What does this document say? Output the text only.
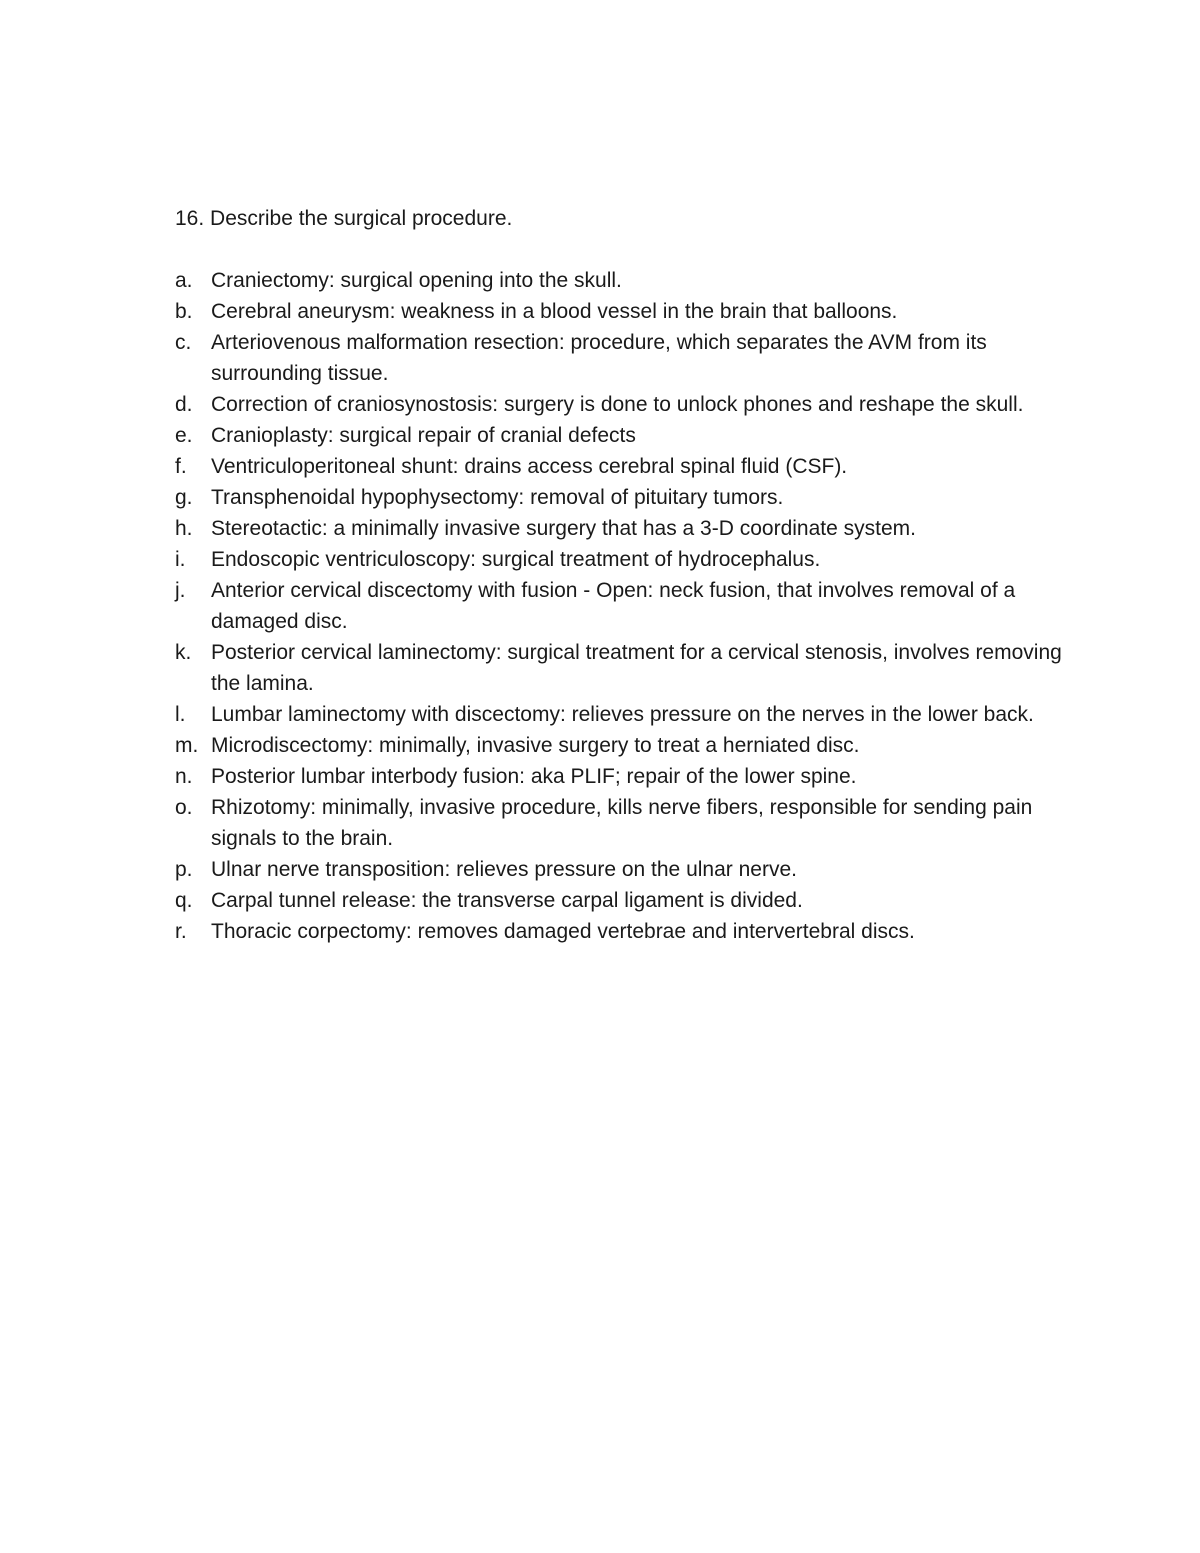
16. Describe the surgical procedure.

a. Craniectomy: surgical opening into the skull.
b. Cerebral aneurysm: weakness in a blood vessel in the brain that balloons.
c. Arteriovenous malformation resection: procedure, which separates the AVM from its surrounding tissue.
d. Correction of craniosynostosis: surgery is done to unlock phones and reshape the skull.
e. Cranioplasty: surgical repair of cranial defects
f.	Ventriculoperitoneal shunt: drains access cerebral spinal fluid (CSF).
g. Transphenoidal hypophysectomy: removal of pituitary tumors.
h. Stereotactic: a minimally invasive surgery that has a 3-D coordinate system.
i.	Endoscopic ventriculoscopy: surgical treatment of hydrocephalus.
j.	Anterior cervical discectomy with fusion - Open: neck fusion, that involves removal of a damaged disc.
k. Posterior cervical laminectomy: surgical treatment for a cervical stenosis, involves removing the lamina.
l.	Lumbar laminectomy with discectomy: relieves pressure on the nerves in the lower back.
m. Microdiscectomy: minimally, invasive surgery to treat a herniated disc.
n. Posterior lumbar interbody fusion: aka PLIF; repair of the lower spine.
o. Rhizotomy: minimally, invasive procedure, kills nerve fibers, responsible for sending pain signals to the brain.
p. Ulnar nerve transposition: relieves pressure on the ulnar nerve.
q. Carpal tunnel release: the transverse carpal ligament is divided.
r.	Thoracic corpectomy: removes damaged vertebrae and intervertebral discs.
